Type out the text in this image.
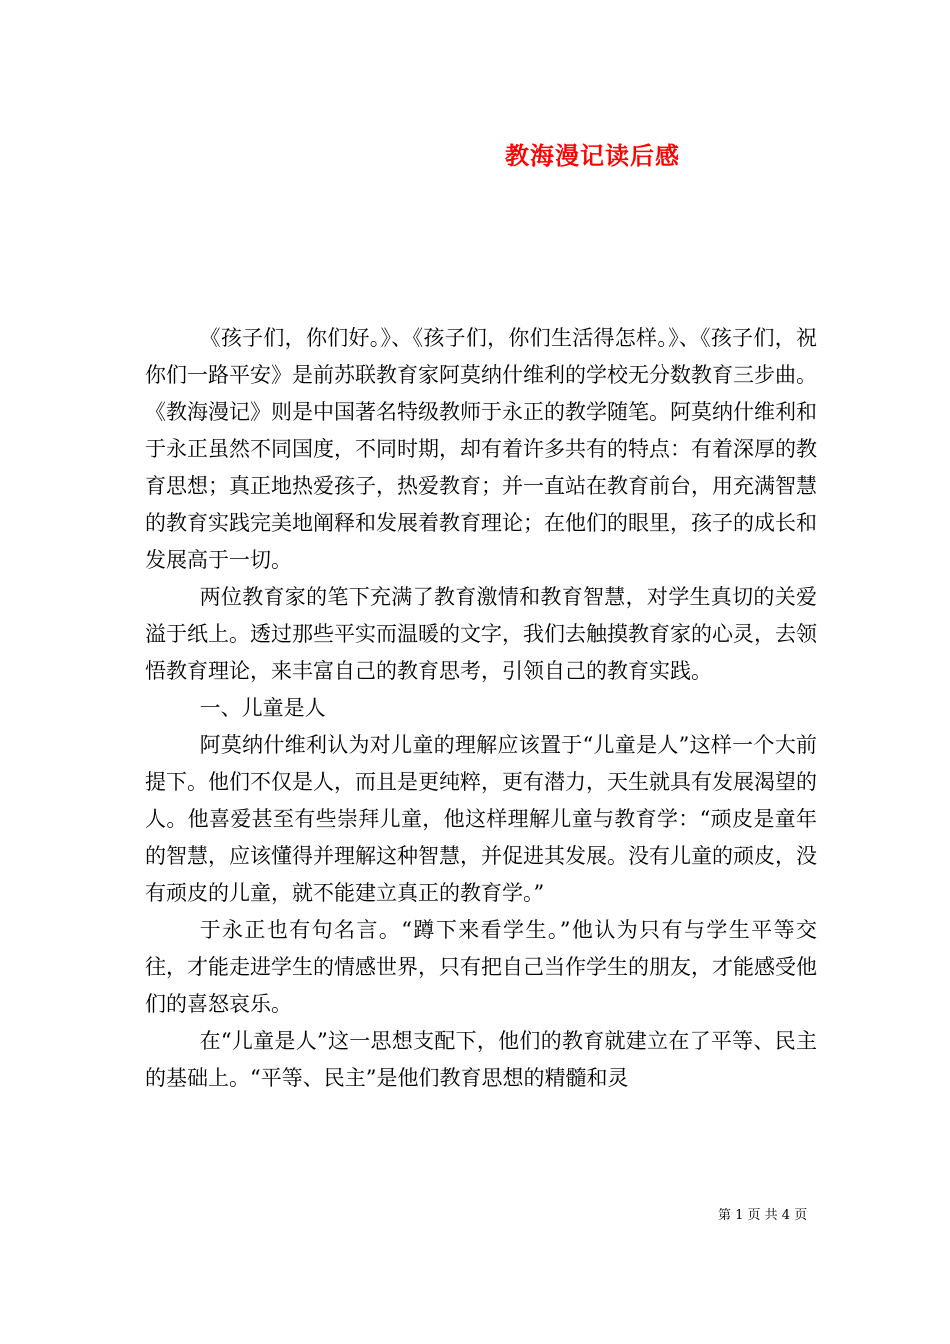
教海漫记读后感

《孩子们，你们好。》、《孩子们，你们生活得怎样。》、《孩子们，祝你们一路平安》是前苏联教育家阿莫纳什维利的学校无分数教育三步曲。《教海漫记》则是中国著名特级教师于永正的教学随笔。阿莫纳什维利和于永正虽然不同国度，不同时期，却有着许多共有的特点：有着深厚的教育思想；真正地热爱孩子，热爱教育；并一直站在教育前台，用充满智慧的教育实践完美地阐释和发展着教育理论；在他们的眼里，孩子的成长和发展高于一切。

两位教育家的笔下充满了教育激情和教育智慧，对学生真切的关爱溢于纸上。透过那些平实而温暖的文字，我们去触摸教育家的心灵，去领悟教育理论，来丰富自己的教育思考，引领自己的教育实践。

一、儿童是人

阿莫纳什维利认为对儿童的理解应该置于“儿童是人”这样一个大前提下。他们不仅是人，而且是更纯粹，更有潜力，天生就具有发展渴望的人。他喜爱甚至有些崇拜儿童，他这样理解儿童与教育学：“顽皮是童年的智慧，应该懂得并理解这种智慧，并促进其发展。没有儿童的顽皮，没有顽皮的儿童，就不能建立真正的教育学。”

于永正也有句名言。“蹲下来看学生。”他认为只有与学生平等交往，才能走进学生的情感世界，只有把自己当作学生的朋友，才能感受他们的喜怒哀乐。

在“儿童是人”这一思想支配下，他们的教育就建立在了平等、民主的基础上。“平等、民主”是他们教育思想的精髓和灵

第 1 页 共 4 页
